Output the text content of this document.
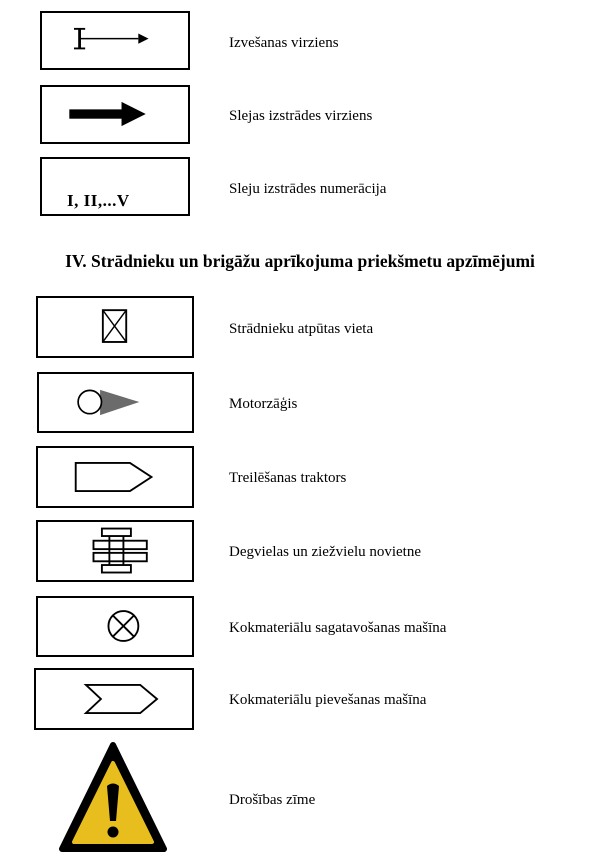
Izvešanas virziens
Slejas izstrādes virziens
I, II,...V
Sleju izstrādes numerācija
IV. Strādnieku un brigāžu aprīkojuma priekšmetu apzīmējumi
Strādnieku atpūtas vieta
Motorzāģis
Treilēšanas traktors
Degvielas un ziežvielu novietne
Kokmateriālu sagatavošanas mašīna
Kokmateriālu pievešanas mašīna
Drošības zīme
